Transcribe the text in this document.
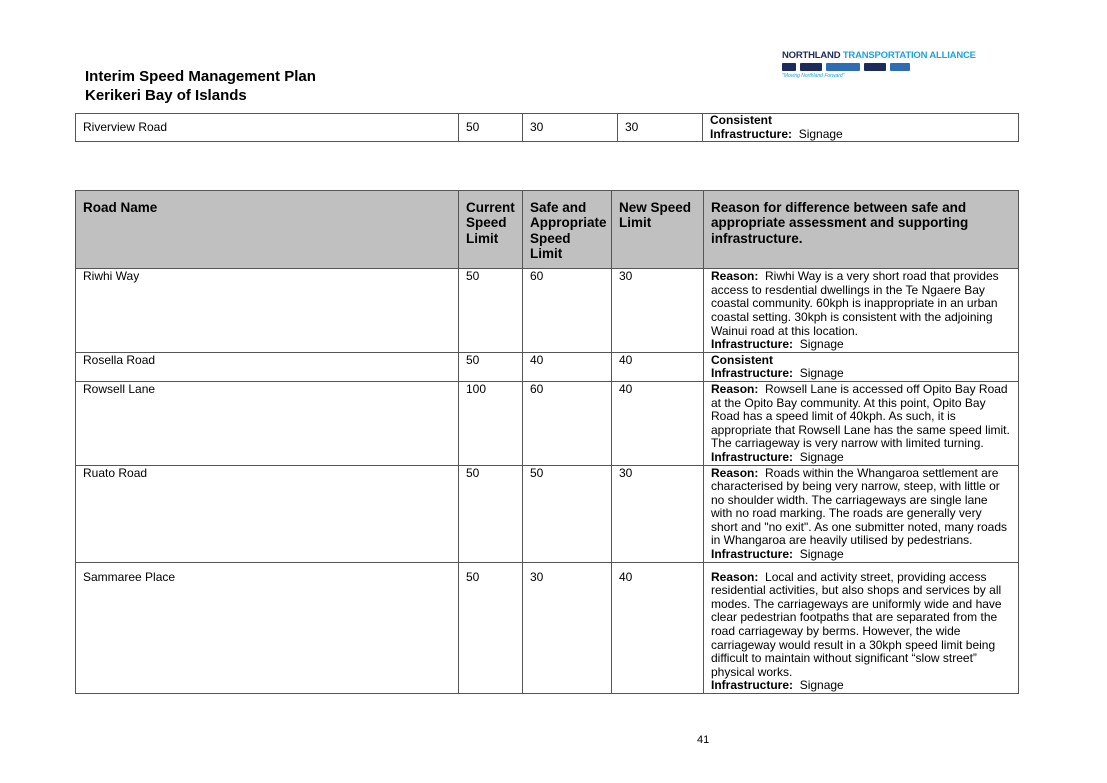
Interim Speed Management Plan
Kerikeri Bay of Islands
NORTHLAND TRANSPORTATION ALLIANCE
"Moving Northland Forward"
Riverview Road	50	30	30	Consistent
Infrastructure: Signage
Road Name	Current Speed Limit	Safe and Appropriate Speed Limit	New Speed Limit	Reason for difference between safe and appropriate assessment and supporting infrastructure.
Riwhi Way	50	60	30	Reason: Riwhi Way is a very short road that provides access to resdential dwellings in the Te Ngaere Bay coastal community. 60kph is inappropriate in an urban coastal setting. 30kph is consistent with the adjoining Wainui road at this location.
Infrastructure: Signage

Rosella Road	50	40	40	Consistent
Infrastructure: Signage

Rowsell Lane	100	60	40	Reason: Rowsell Lane is accessed off Opito Bay Road at the Opito Bay community. At this point, Opito Bay Road has a speed limit of 40kph. As such, it is appropriate that Rowsell Lane has the same speed limit. The carriageway is very narrow with limited turning.
Infrastructure: Signage

Ruato Road	50	50	30	Reason: Roads within the Whangaroa settlement are characterised by being very narrow, steep, with little or no shoulder width. The carriageways are single lane with no road marking. The roads are generally very short and "no exit". As one submitter noted, many roads in Whangaroa are heavily utilised by pedestrians.
Infrastructure: Signage

Sammaree Place	50	30	40	Reason: Local and activity street, providing access residential activities, but also shops and services by all modes. The carriageways are uniformly wide and have clear pedestrian footpaths that are separated from the road carriageway by berms. However, the wide carriageway would result in a 30kph speed limit being difficult to maintain without significant “slow street” physical works.
Infrastructure: Signage
41
